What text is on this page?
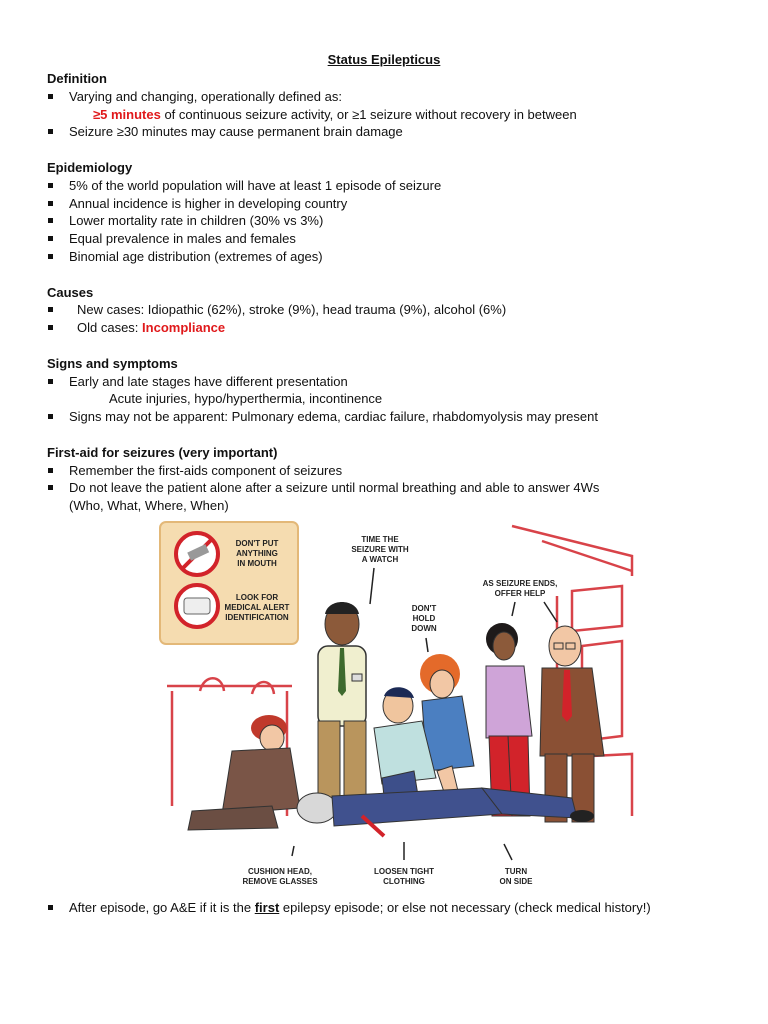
Status Epilepticus
Definition
Varying and changing, operationally defined as:
≥5 minutes of continuous seizure activity, or ≥1 seizure without recovery in between
Seizure ≥30 minutes may cause permanent brain damage
Epidemiology
5% of the world population will have at least 1 episode of seizure
Annual incidence is higher in developing country
Lower mortality rate in children (30% vs 3%)
Equal prevalence in males and females
Binomial age distribution (extremes of ages)
Causes
New cases: Idiopathic (62%), stroke (9%), head trauma (9%), alcohol (6%)
Old cases: Incompliance
Signs and symptoms
Early and late stages have different presentation
Acute injuries, hypo/hyperthermia, incontinence
Signs may not be apparent: Pulmonary edema, cardiac failure, rhabdomyolysis may present
First-aid for seizures (very important)
Remember the first-aids component of seizures
Do not leave the patient alone after a seizure until normal breathing and able to answer 4Ws
(Who, What, Where, When)
DON'T PUT
ANYTHING
IN MOUTH
LOOK FOR
MEDICAL ALERT
IDENTIFICATION
TIME THE
SEIZURE WITH
A WATCH
DON'T
HOLD
DOWN
AS SEIZURE ENDS,
OFFER HELP
CUSHION HEAD,
REMOVE GLASSES
LOOSEN TIGHT
CLOTHING
TURN
ON SIDE
After episode, go A&E if it is the first epilepsy episode; or else not necessary (check medical history!)
